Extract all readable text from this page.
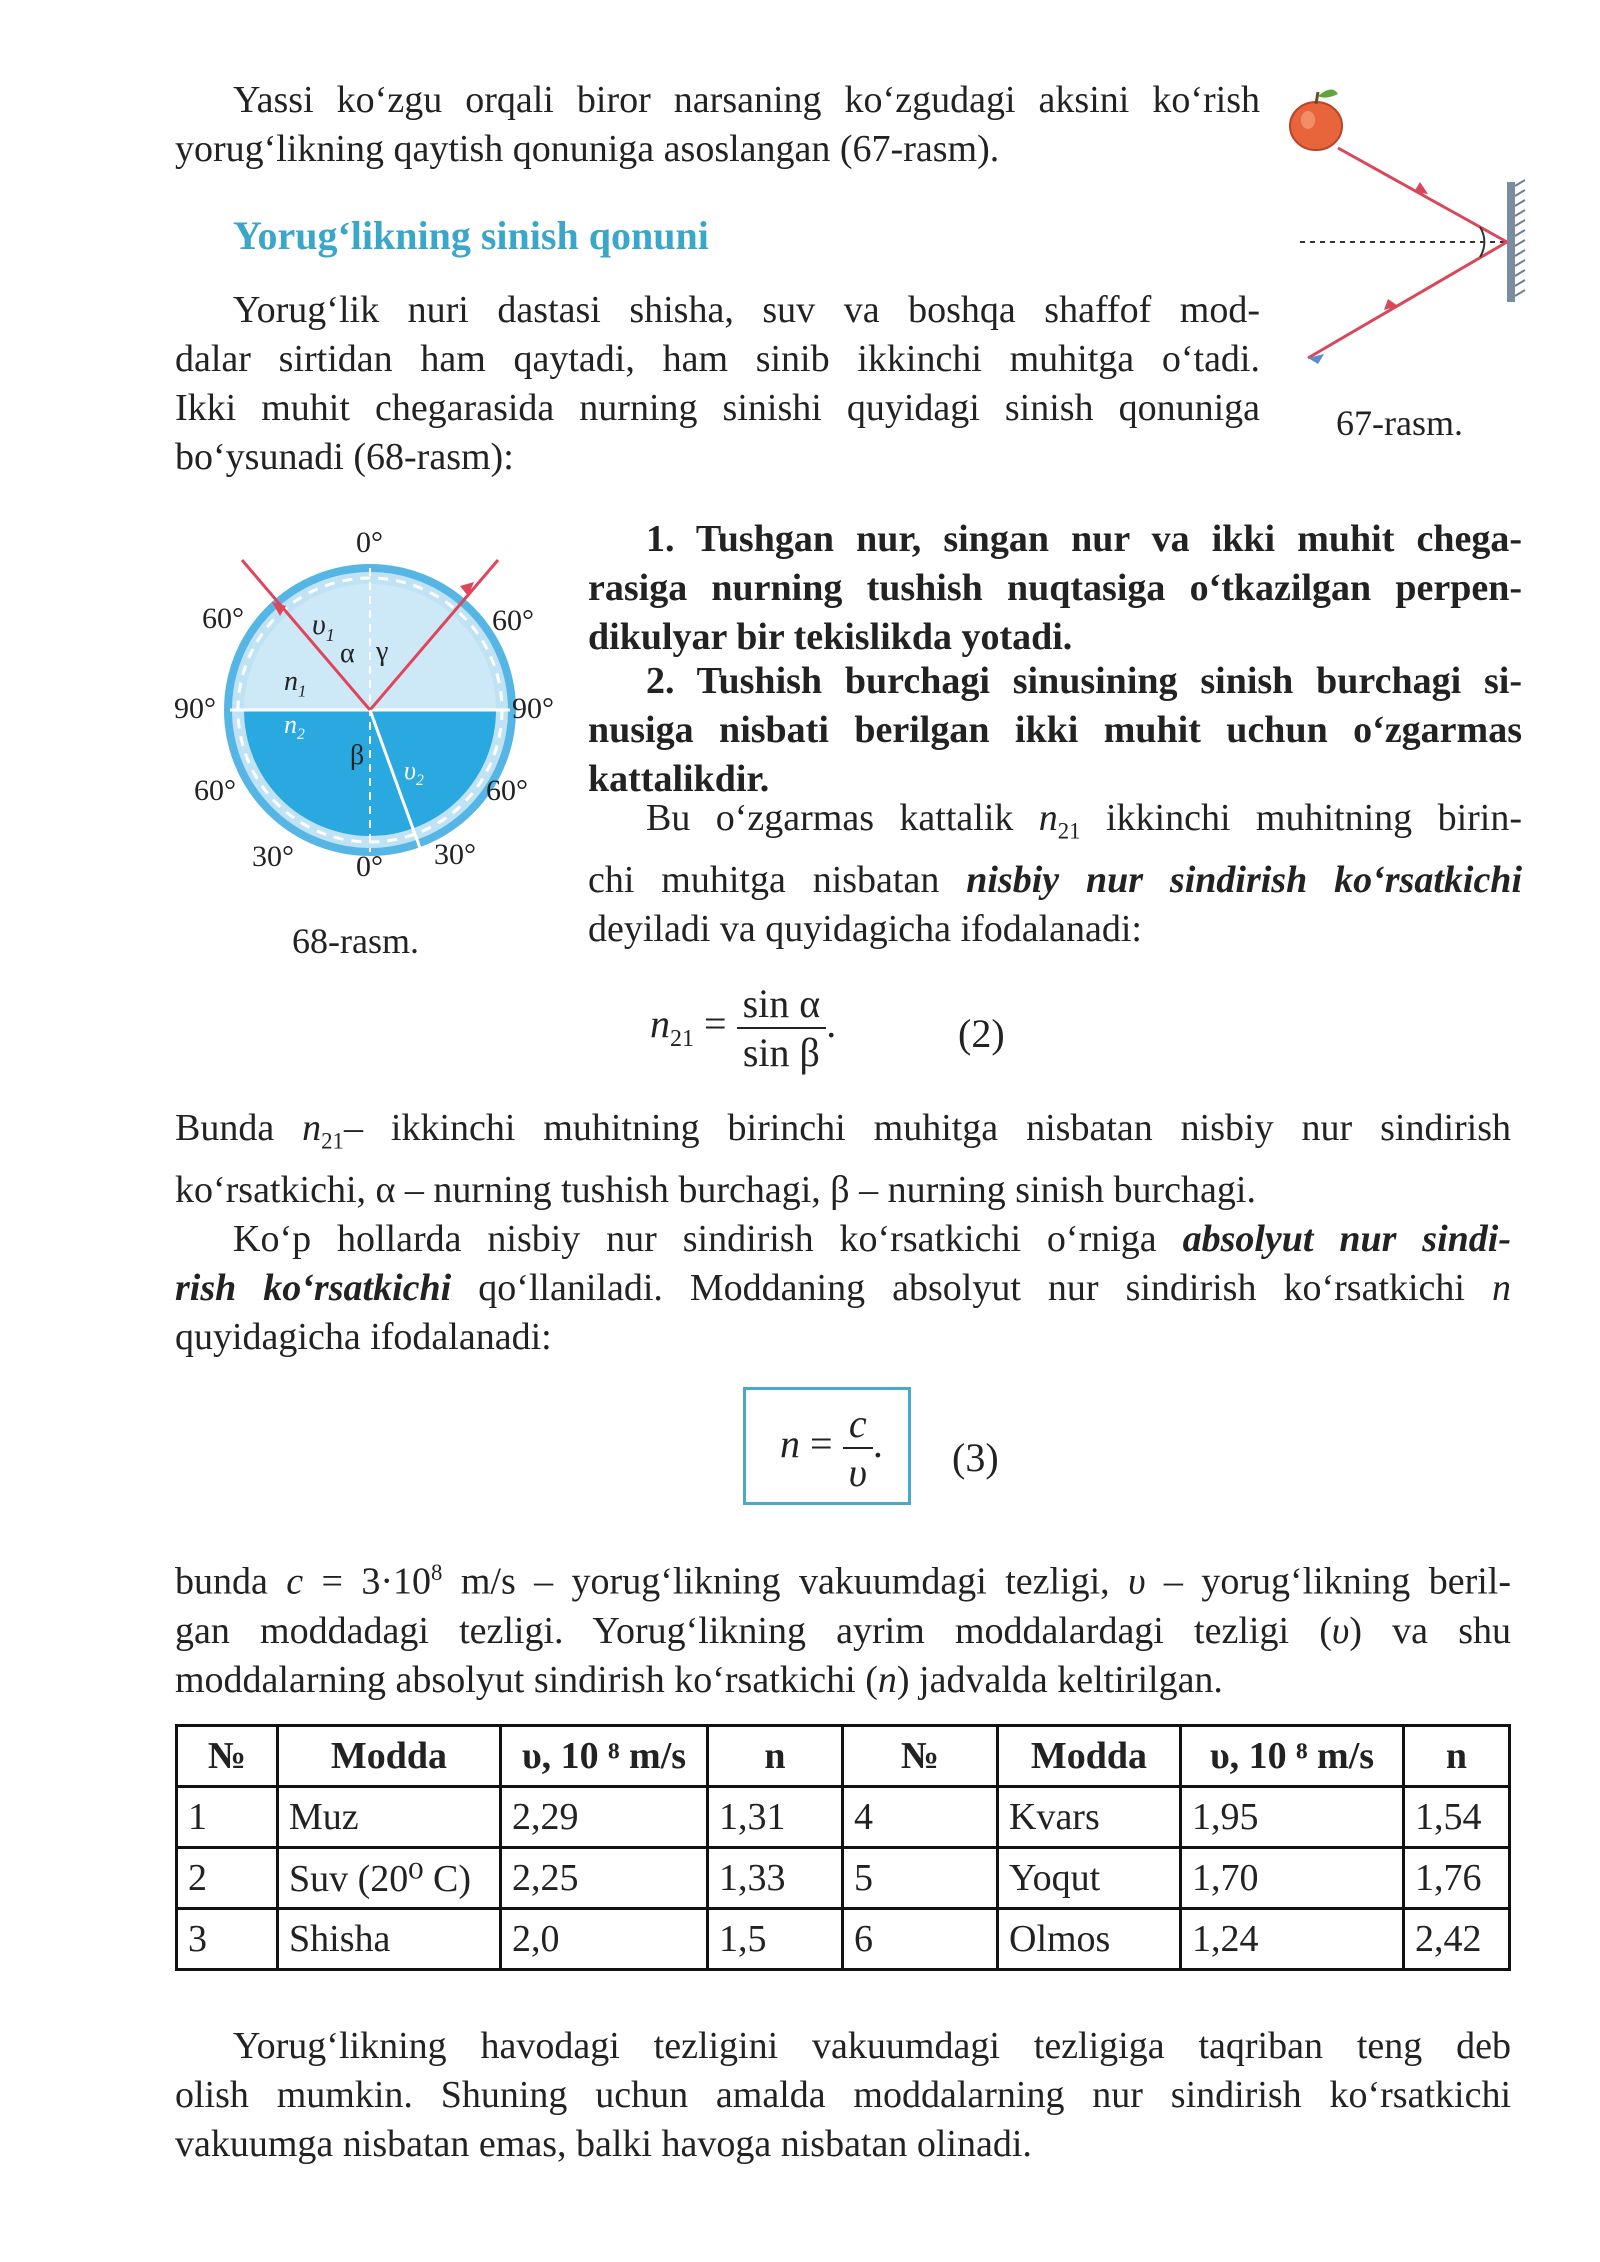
Yassi ko‘zgu orqali biror narsaning ko‘zgudagi aksini ko‘rish
yorug‘likning qaytish qonuniga asoslangan (67-rasm).
Yorug‘likning sinish qonuni
Yorug‘lik nuri dastasi shisha, suv va boshqa shaffof mod-
dalar sirtidan ham qaytadi, ham sinib ikkinchi muhitga o‘tadi.
Ikki muhit chegarasida nurning sinishi quyidagi sinish qonuniga
bo‘ysunadi (68-rasm):
67-rasm.
0°
60°	60°
90°	90°
60°	60°
30°	30°
0°
$\upsilon_1$
α γ
$n_1$
$n_2$
β $\upsilon_2$
68-rasm.
1. Tushgan nur, singan nur va ikki muhit chega-
rasiga nurning tushish nuqtasiga o‘tkazilgan perpen-
dikulyar bir tekislikda yotadi.
2. Tushish burchagi sinusining sinish burchagi si-
nusiga nisbati berilgan ikki muhit uchun o‘zgarmas
kattalikdir.
Bu o‘zgarmas kattalik $n_{21}$ ikkinchi muhitning birin-
chi muhitga nisbatan nisbiy nur sindirish ko‘rsatkichi
deyiladi va quyidagicha ifodalanadi:
$n_{21} = \frac{\text{sin α}}{\text{sin β}}$ .	(2)
Bunda $n_{21}-$ ikkinchi muhitning birinchi muhitga nisbatan nisbiy nur sindirish
ko‘rsatkichi, α – nurning tushish burchagi, β – nurning sinish burchagi.
Ko‘p hollarda nisbiy nur sindirish ko‘rsatkichi o‘rniga absolyut nur sindi-
rish ko‘rsatkichi qo‘llaniladi. Moddaning absolyut nur sindirish ko‘rsatkichi n
quyidagicha ifodalanadi:
$n = \frac{c}{\upsilon}$ . (3)
bunda $c = 3\cdot 10^8$ m/s – yorug‘likning vakuumdagi tezligi, υ – yorug‘likning beril-
gan moddadagi tezligi. Yorug‘likning ayrim moddalardagi tezligi (υ) va shu
moddalarning absolyut sindirish ko‘rsatkichi (n) jadvalda keltirilgan.
№	Modda	υ, 10 ⁸ m/s	n	№	Modda	υ, 10 ⁸ m/s	n
1	Muz	2,29	1,31	4	Kvars	1,95	1,54
2	Suv (20⁰ C)	2,25	1,33	5	Yoqut	1,70	1,76
3	Shisha	2,0	1,5	6	Olmos	1,24	2,42
Yorug‘likning havodagi tezligini vakuumdagi tezligiga taqriban teng deb
olish mumkin. Shuning uchun amalda moddalarning nur sindirish ko‘rsatkichi
vakuumga nisbatan emas, balki havoga nisbatan olinadi.
